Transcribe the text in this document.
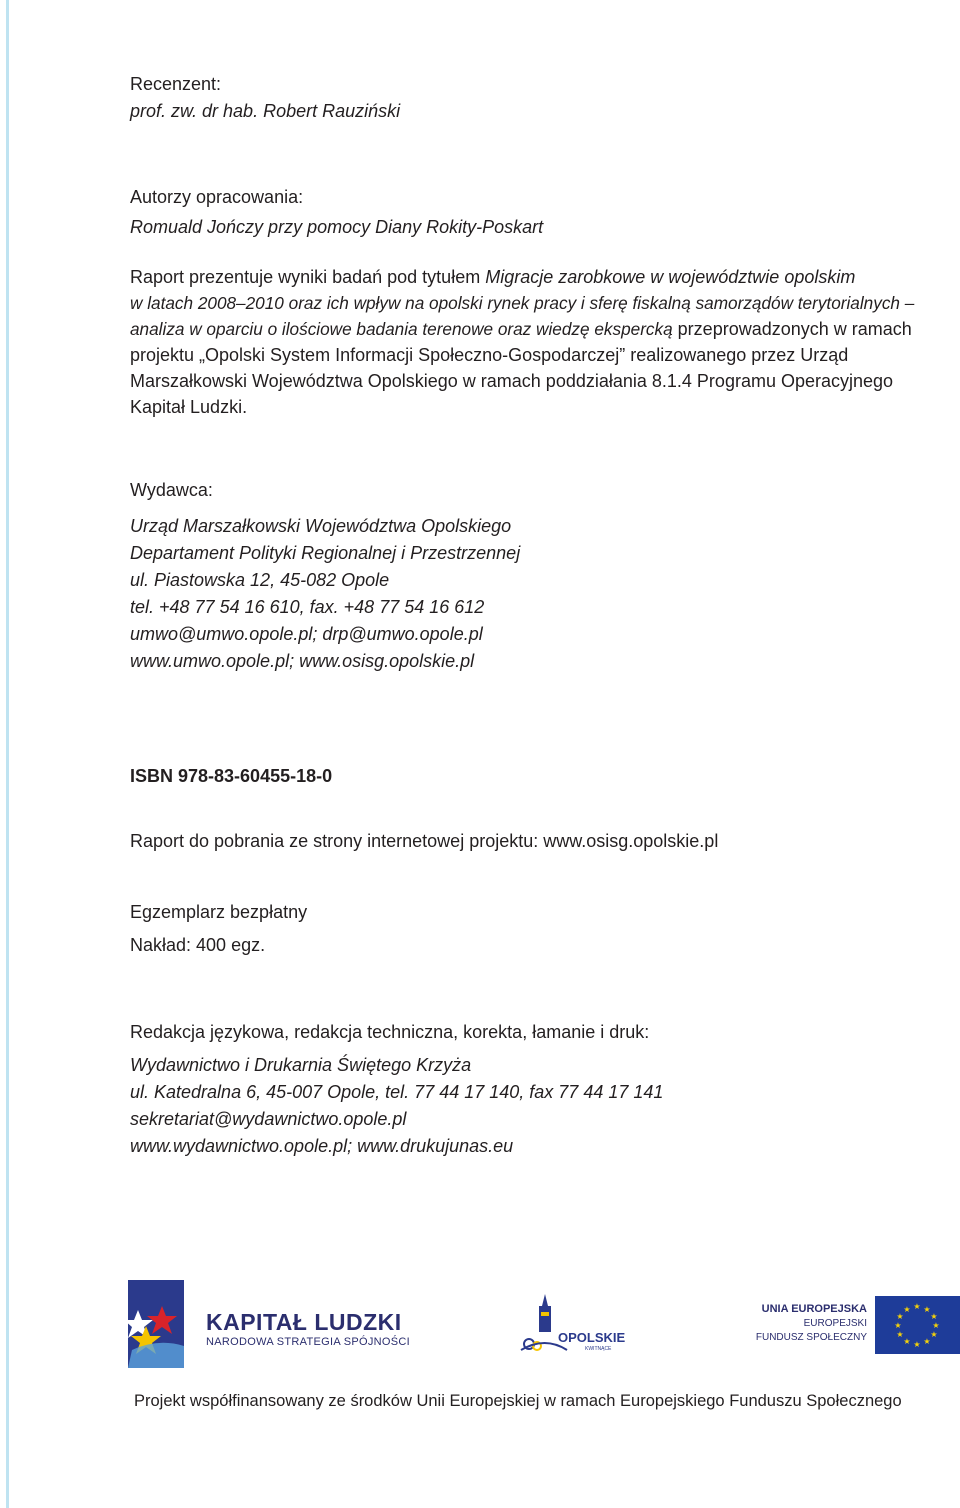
Recenzent:

prof. zw. dr hab. Robert Rauziński

Autorzy opracowania:

Romuald Jończy przy pomocy Diany Rokity-Poskart

Raport prezentuje wyniki badań pod tytułem Migracje zarobkowe w województwie opolskim
w latach 2008–2010 oraz ich wpływ na opolski rynek pracy i sferę fiskalną samorządów terytorialnych –
analiza w oparciu o ilościowe badania terenowe oraz wiedzę ekspercką przeprowadzonych w ramach
projektu „Opolski System Informacji Społeczno-Gospodarczej” realizowanego przez Urząd
Marszałkowski Województwa Opolskiego w ramach poddziałania 8.1.4 Programu Operacyjnego
Kapitał Ludzki.

Wydawca:

Urząd Marszałkowski Województwa Opolskiego

Departament Polityki Regionalnej i Przestrzennej

ul. Piastowska 12, 45-082 Opole

tel. +48 77 54 16 610, fax. +48 77 54 16 612

umwo@umwo.opole.pl; drp@umwo.opole.pl

www.umwo.opole.pl; www.osisg.opolskie.pl

ISBN 978-83-60455-18-0

Raport do pobrania ze strony internetowej projektu: www.osisg.opolskie.pl

Egzemplarz bezpłatny

Nakład: 400 egz.

Redakcja językowa, redakcja techniczna, korekta, łamanie i druk:

Wydawnictwo i Drukarnia Świętego Krzyża

ul. Katedralna 6, 45-007 Opole, tel. 77 44 17 140, fax 77 44 17 141

sekretariat@wydawnictwo.opole.pl

www.wydawnictwo.opole.pl; www.drukujunas.eu

KAPITAŁ LUDZKI
NARODOWA STRATEGIA SPÓJNOŚCI	OPOLSKIE
KWITNĄCE
UNIA EUROPEJSKA
EUROPEJSKI
FUNDUSZ SPOŁECZNY
★ ★
★
★
★
★
★
★
★
★
★
★
Projekt współfinansowany ze środków Unii Europejskiej w ramach Europejskiego Funduszu Społecznego
